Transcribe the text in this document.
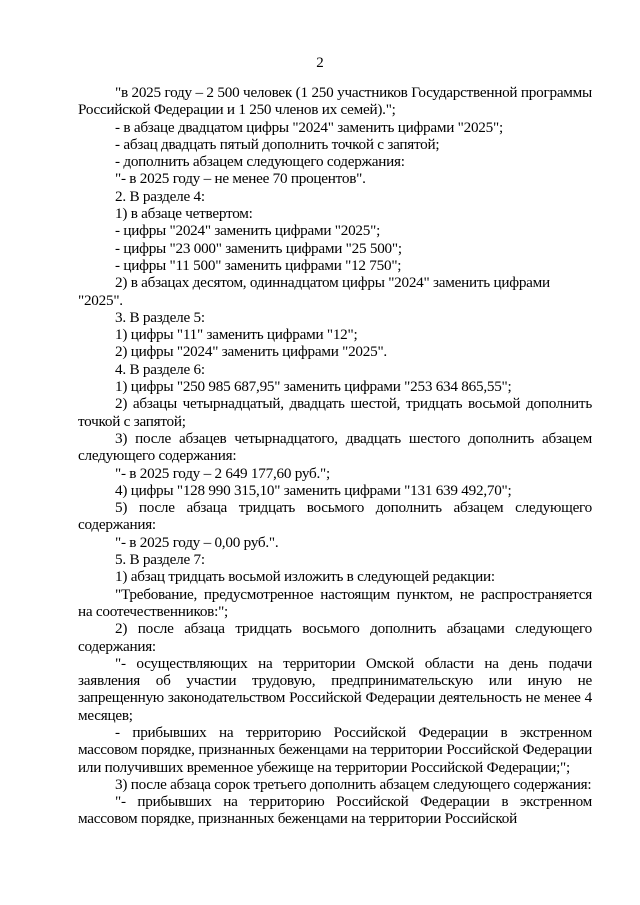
2

"в 2025 году – 2 500 человек (1 250 участников Государственной программы Российской Федерации и 1 250 членов их семей).";

- в абзаце двадцатом цифры "2024" заменить цифрами "2025";

- абзац двадцать пятый дополнить точкой с запятой;

- дополнить абзацем следующего содержания:

"- в 2025 году – не менее 70 процентов".

2. В разделе 4:

1) в абзаце четвертом:

- цифры "2024" заменить цифрами "2025";

- цифры "23 000" заменить цифрами "25 500";

- цифры "11 500" заменить цифрами "12 750";

2) в абзацах десятом, одиннадцатом цифры "2024" заменить цифрами "2025".

3. В разделе 5:

1) цифры "11" заменить цифрами "12";

2) цифры "2024" заменить цифрами "2025".

4. В разделе 6:

1) цифры "250 985 687,95" заменить цифрами "253 634 865,55";

2) абзацы четырнадцатый, двадцать шестой, тридцать восьмой дополнить точкой с запятой;

3) после абзацев четырнадцатого, двадцать шестого дополнить абзацем следующего содержания:

"- в 2025 году – 2 649 177,60 руб.";

4) цифры "128 990 315,10" заменить цифрами "131 639 492,70";

5) после абзаца тридцать восьмого дополнить абзацем следующего содержания:

"- в 2025 году – 0,00 руб.".

5. В разделе 7:

1) абзац тридцать восьмой изложить в следующей редакции:

"Требование, предусмотренное настоящим пунктом, не распространяется на соотечественников:";

2) после абзаца тридцать восьмого дополнить абзацами следующего содержания:

"- осуществляющих на территории Омской области на день подачи заявления об участии трудовую, предпринимательскую или иную не запрещенную законодательством Российской Федерации деятельность не менее 4 месяцев;

- прибывших на территорию Российской Федерации в экстренном массовом порядке, признанных беженцами на территории Российской Федерации или получивших временное убежище на территории Российской Федерации;";

3) после абзаца сорок третьего дополнить абзацем следующего содержания:

"- прибывших на территорию Российской Федерации в экстренном массовом порядке, признанных беженцами на территории Российской
